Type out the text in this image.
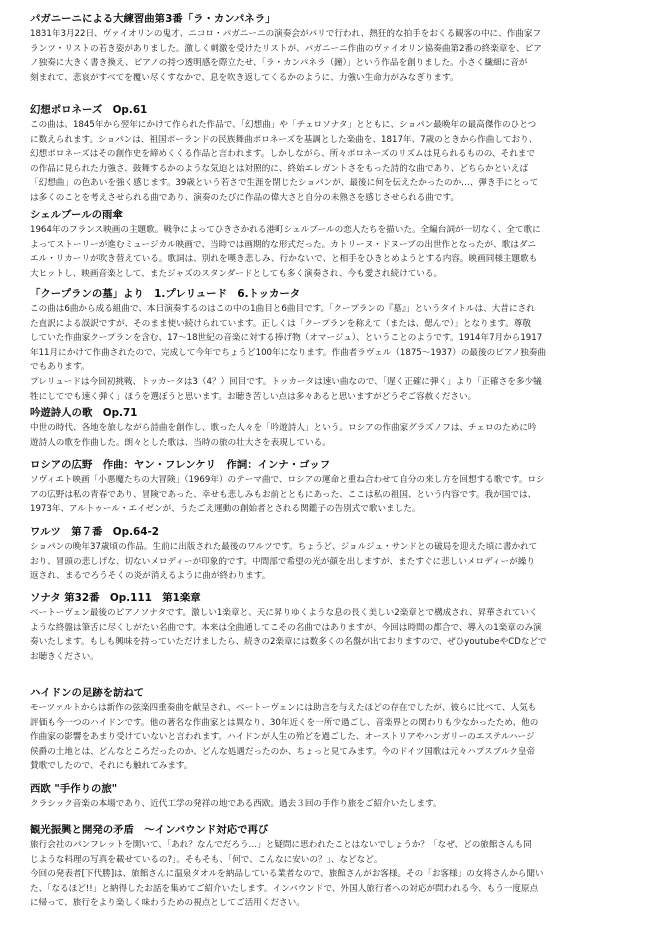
パガニーニによる大練習曲第3番「ラ・カンパネラ」

1831年3月22日、ヴァイオリンの鬼才、ニコロ・パガニーニの演奏会がパリで行われ、熱狂的な拍手をおくる観客の中に、作曲家フ
ランツ・リストの若き姿がありました。激しく刺激を受けたリストが、パガニーニ作曲のヴァイオリン協奏曲第2番の終楽章を、ピア
ノ独奏に大きく書き換え、ピアノの持つ透明感を際立たせ、「ラ・カンパネラ（鐘）」という作品を創りました。小さく繊細に音が
刻まれて、悲哀がすべてを覆い尽くすなかで、息を吹き返してくるかのように、力強い生命力がみなぎります。

幻想ポロネーズ　Op.61

この曲は、1845年から翌年にかけて作られた作品で、「幻想曲」や「チェロソナタ」とともに、ショパン最晩年の最高傑作のひとつ
に数えられます。ショパンは、祖国ポーランドの民族舞曲ポロネーズを基調とした楽曲を、1817年、7歳のときから作曲しており、
幻想ポロネーズはその創作史を締めくくる作品と言われます。しかしながら、所々ポロネーズのリズムは見られるものの、それまで
の作品に見られた力強さ、鼓舞するかのような気迫とは対照的に、終始エレガントさをもった詩的な曲であり、どちらかといえば
「幻想曲」の色あいを強く感じます。39歳という若さで生涯を閉じたショパンが、最後に何を伝えたかったのか…、弾き手にとって
は多くのことを考えさせられる曲であり、演奏のたびに作品の偉大さと自分の未熟さを感じさせられる曲です。

シェルブールの雨傘

1964年のフランス映画の主題歌。戦争によってひきさかれる港町シェルブールの恋人たちを描いた。全編台詞が一切なく、全て歌に
よってストーリーが進むミュージカル映画で、当時では画期的な形式だった。カトリーヌ・ドヌーブの出世作となったが、歌はダニ
エル・リカーリが吹き替えている。歌詞は、別れを嘆き悲しみ、行かないで、と相手をひきとめようとする内容。映画同様主題歌も
大ヒットし、映画音楽として、またジャズのスタンダードとしても多く演奏され、今も愛され続けている。

「クープランの墓」より　1.プレリュード　6.トッカータ

この曲は6曲から成る組曲で、本日演奏するのはこの中の1曲目と6曲目です。「クープランの『墓』」というタイトルは、大昔にされ
た直訳による誤訳ですが、そのまま使い続けられています。正しくは「クープランを称えて（または、偲んで）」となります。尊敬
していた作曲家クープランを含む、17～18世紀の音楽に対する捧げ物（オマージュ）、ということのようです。1914年7月から1917
年11月にかけて作曲されたので、完成して今年でちょうど100年になります。作曲者ラヴェル（1875～1937）の最後のピアノ独奏曲
でもあります。
プレリュードは今回初挑戦、トッカータは3（4？）回目です。トッカータは速い曲なので、「遅く正確に弾く」より「正確さを多少犠
牲にしてでも速く弾く」ほうを選ぼうと思います。お聴き苦しい点は多々あると思いますがどうぞご容赦ください。

吟遊詩人の歌　Op.71

中世の時代、各地を旅しながら詩曲を創作し、歌った人々を「吟遊詩人」という。ロシアの作曲家グラズノフは、チェロのために吟
遊詩人の歌を作曲した。朗々とした歌は、当時の旅の壮大さを表現している。

ロシアの広野　作曲：ヤン・フレンケリ　作詞：インナ・ゴッフ

ソヴィエト映画「小悪魔たちの大冒険」（1969年）のテーマ曲で、ロシアの運命と重ね合わせて自分の来し方を回想する歌です。ロシ
アの広野は私の青春であり、冒険であった、幸せも悲しみもお前とともにあった、ここは私の祖国、という内容です。我が国では、
1973年、アルトゥール・エイゼンが、うたごえ運動の創始者とされる関鑑子の告別式で歌いました。

ワルツ　第７番　Op.64-2

ショパンの晩年37歳頃の作品。生前に出版された最後のワルツです。ちょうど、ジョルジュ・サンドとの破局を迎えた頃に書かれて
おり、冒頭の悲しげな、切ないメロディーが印象的です。中間部で希望の光が顔を出しますが、またすぐに悲しいメロディーが繰り
返され、まるでろうそくの炎が消えるように曲が終わります。

ソナタ 第32番　Op.111　第1楽章

ベートーヴェン最後のピアノソナタです。激しい1楽章と、天に昇りゆくような息の長く美しい2楽章とで構成され、昇華されていく
ような終盤は筆舌に尽くしがたい名曲です。本来は全曲通してこその名曲ではありますが、今回は時間の都合で、導入の1楽章のみ演
奏いたします。もしも興味を持っていただけましたら、続きの2楽章には数多くの名盤が出ておりますので、ぜひyoutubeやCDなどで
お聴きください。

ハイドンの足跡を訪ねて

モーツァルトからは新作の弦楽四重奏曲を献呈され、ベートーヴェンには助言を与えたほどの存在でしたが、彼らに比べて、人気も
評価も今一つのハイドンです。他の著名な作曲家とは異なり、30年近くを一所で過ごし、音楽界との関わりも少なかったため、他の
作曲家の影響をあまり受けていないと言われます。ハイドンが人生の殆どを過ごした、オーストリアやハンガリーのエステルハージ
侯爵の土地とは、どんなところだったのか、どんな処遇だったのか、ちょっと見てみます。今のドイツ国歌は元々ハプスブルク皇帝
賛歌でしたので、それにも触れてみます。

西欧 "手作りの旅"

クラシック音楽の本場であり、近代工学の発祥の地である西欧。過去３回の手作り旅をご紹介いたします。

観光振興と開発の矛盾　～インバウンド対応で再び

旅行会社のパンフレットを開いて、「あれ？なんでだろう…」と疑問に思われたことはないでしょうか？「なぜ、どの旅館さんも同
じような料理の写真を載せているの?」。そもそも、「何で、こんなに安いの？」、などなど。
今回の発表者[下代勝]は、旅館さんに温泉タオルを納品している業者なので、旅館さんがお客様。その「お客様」の女将さんから聞い
た、「なるほど!!」と納得したお話を集めてご紹介いたします。インバウンドで、外国人旅行者への対応が問われる今、もう一度原点
に帰って、旅行をより楽しく味わうための視点としてご活用ください。
